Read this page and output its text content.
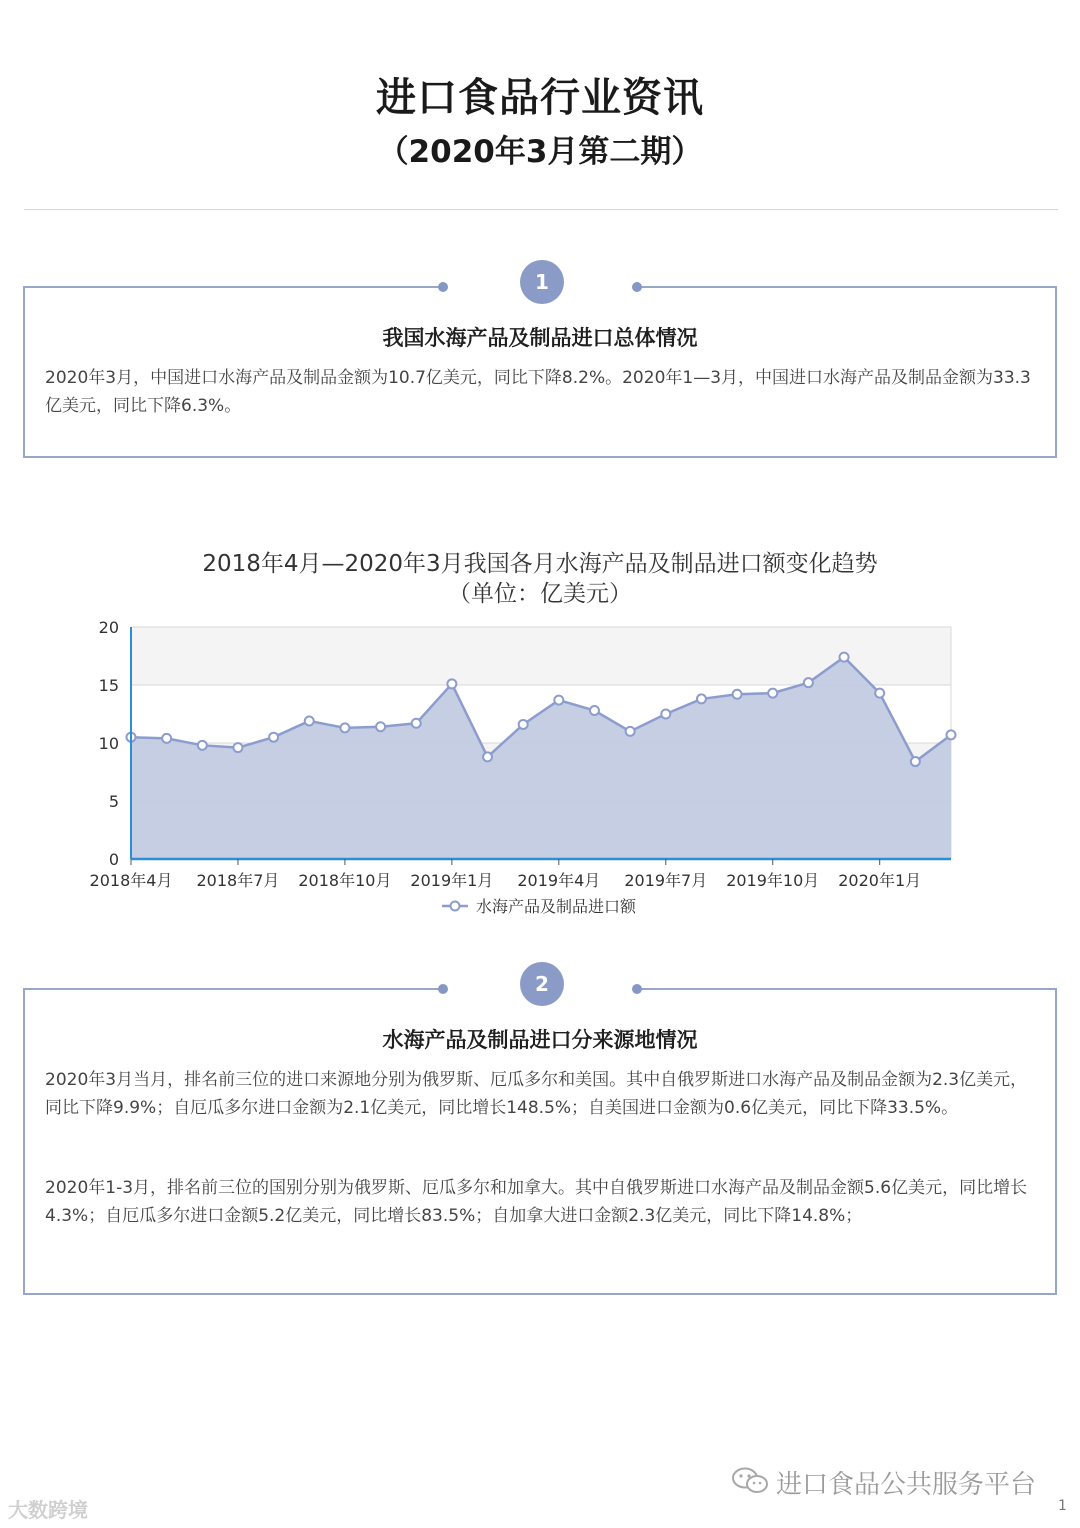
进口食品行业资讯
（2020年3月第二期）
1
我国水海产品及制品进口总体情况
2020年3月，中国进口水海产品及制品金额为10.7亿美元，同比下降8.2%。2020年1—3月，中国进口水海产品及制品金额为33.3亿美元，同比下降6.3%。
2018年4月—2020年3月我国各月水海产品及制品进口额变化趋势
（单位：亿美元）
0
5
10
15
20
2018年4月 2018年7月 2018年10月 2019年1月 2019年4月 2019年7月 2019年10月 2020年1月
水海产品及制品进口额
2
水海产品及制品进口分来源地情况
2020年3月当月，排名前三位的进口来源地分别为俄罗斯、厄瓜多尔和美国。其中自俄罗斯进口水海产品及制品金额为2.3亿美元，同比下降9.9%；自厄瓜多尔进口金额为2.1亿美元，同比增长148.5%；自美国进口金额为0.6亿美元，同比下降33.5%。
2020年1-3月，排名前三位的国别分别为俄罗斯、厄瓜多尔和加拿大。其中自俄罗斯进口水海产品及制品金额5.6亿美元，同比增长4.3%；自厄瓜多尔进口金额5.2亿美元，同比增长83.5%；自加拿大进口金额2.3亿美元，同比下降14.8%；
大数跨境
进口食品公共服务平台
1
